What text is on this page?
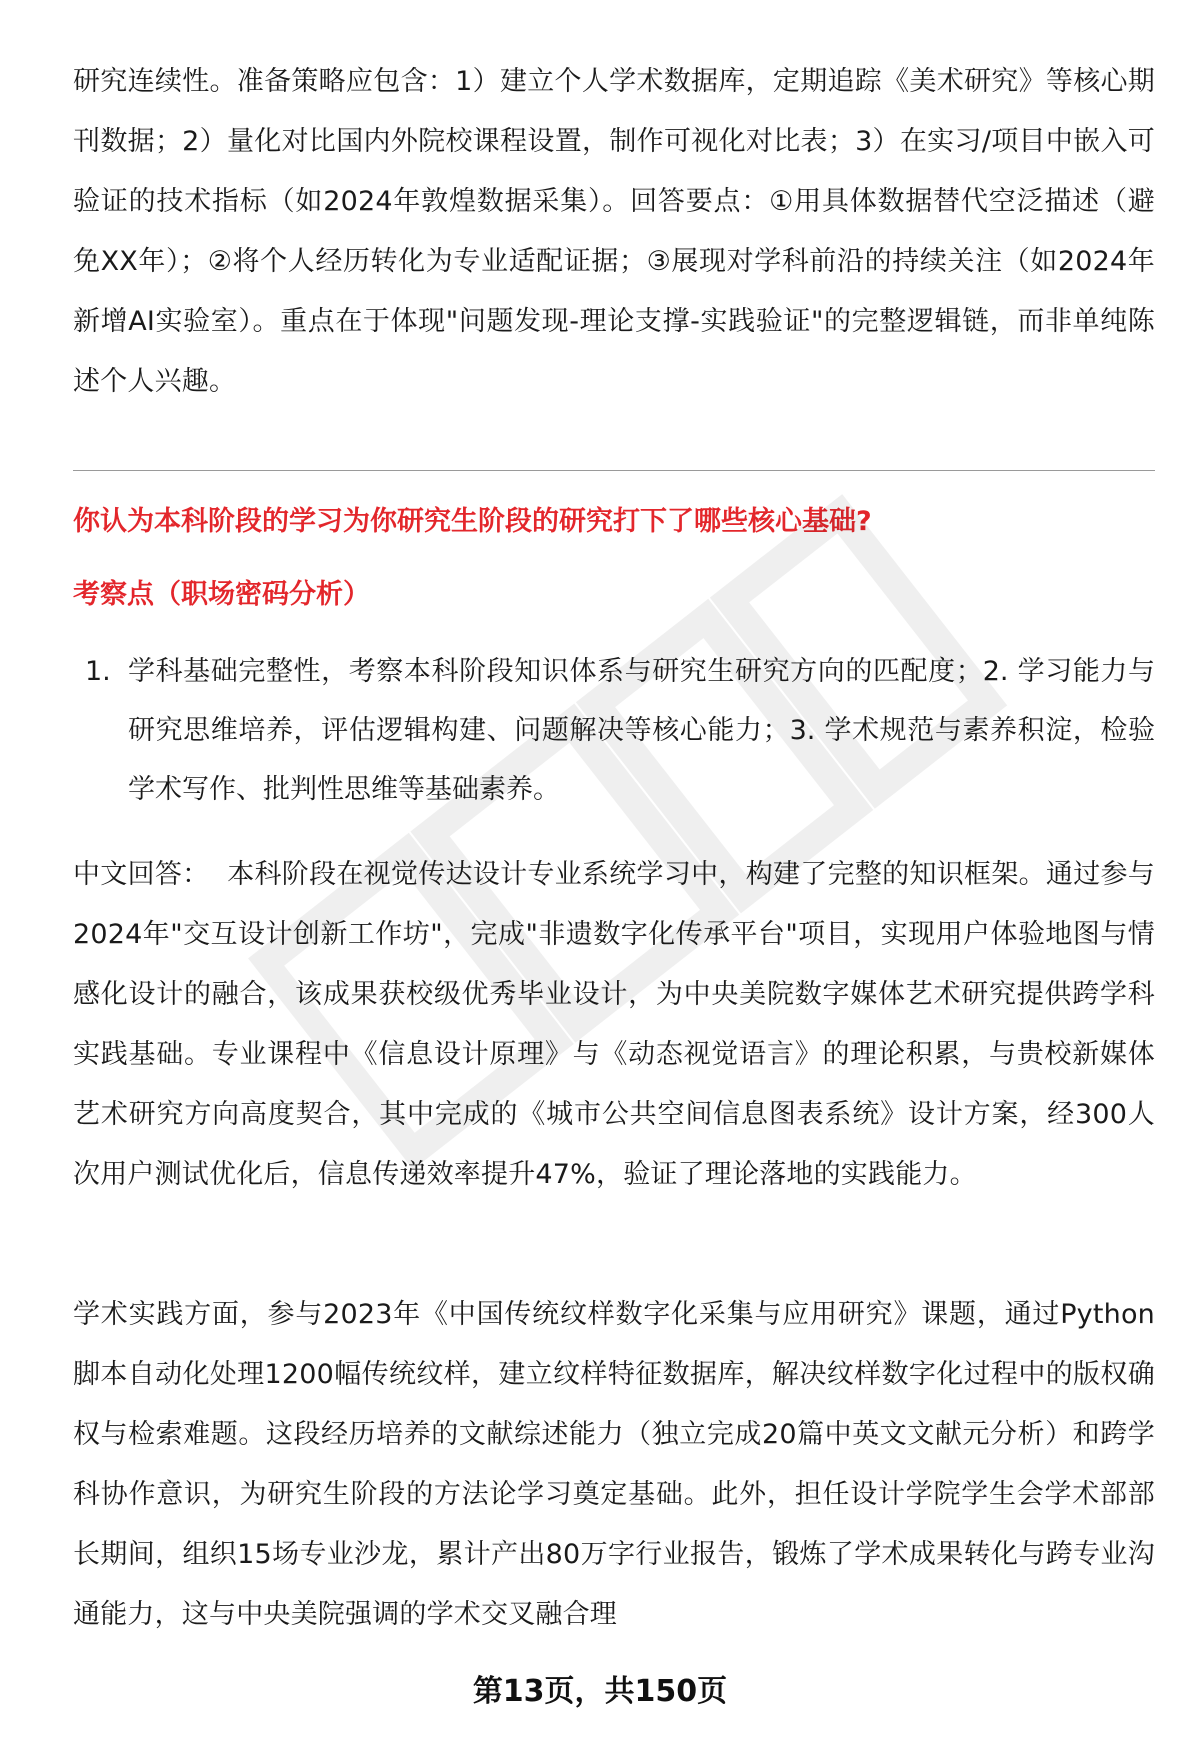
研究连续性。准备策略应包含：1）建立个人学术数据库，定期追踪《美术研究》等核心期刊数据；2）量化对比国内外院校课程设置，制作可视化对比表；3）在实习/项目中嵌入可验证的技术指标（如2024年敦煌数据采集）。回答要点：①用具体数据替代空泛描述（避免XX年）；②将个人经历转化为专业适配证据；③展现对学科前沿的持续关注（如2024年新增AI实验室）。重点在于体现"问题发现-理论支撑-实践验证"的完整逻辑链，而非单纯陈述个人兴趣。

你认为本科阶段的学习为你研究生阶段的研究打下了哪些核心基础?
考察点（职场密码分析）
1. 学科基础完整性，考察本科阶段知识体系与研究生研究方向的匹配度；2. 学习能力与研究思维培养，评估逻辑构建、问题解决等核心能力；3. 学术规范与素养积淀，检验学术写作、批判性思维等基础素养。

中文回答： 本科阶段在视觉传达设计专业系统学习中，构建了完整的知识框架。通过参与2024年"交互设计创新工作坊"，完成"非遗数字化传承平台"项目，实现用户体验地图与情感化设计的融合，该成果获校级优秀毕业设计，为中央美院数字媒体艺术研究提供跨学科实践基础。专业课程中《信息设计原理》与《动态视觉语言》的理论积累，与贵校新媒体艺术研究方向高度契合，其中完成的《城市公共空间信息图表系统》设计方案，经300人次用户测试优化后，信息传递效率提升47%，验证了理论落地的实践能力。

学术实践方面，参与2023年《中国传统纹样数字化采集与应用研究》课题，通过Python脚本自动化处理1200幅传统纹样，建立纹样特征数据库，解决纹样数字化过程中的版权确权与检索难题。这段经历培养的文献综述能力（独立完成20篇中英文文献元分析）和跨学科协作意识，为研究生阶段的方法论学习奠定基础。此外，担任设计学院学生会学术部部长期间，组织15场专业沙龙，累计产出80万字行业报告，锻炼了学术成果转化与跨专业沟通能力，这与中央美院强调的学术交叉融合理

第13页，共150页
